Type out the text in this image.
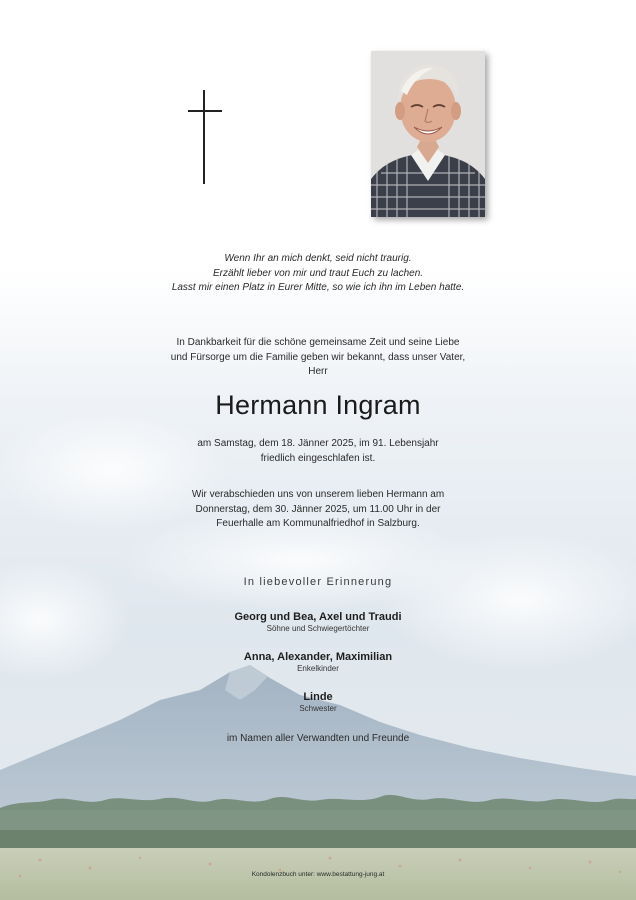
Wenn Ihr an mich denkt, seid nicht traurig.
Erzählt lieber von mir und traut Euch zu lachen.
Lasst mir einen Platz in Eurer Mitte, so wie ich ihn im Leben hatte.
In Dankbarkeit für die schöne gemeinsame Zeit und seine Liebe
und Fürsorge um die Familie geben wir bekannt, dass unser Vater,
Herr
Hermann Ingram
am Samstag, dem 18. Jänner 2025, im 91. Lebensjahr
friedlich eingeschlafen ist.
Wir verabschieden uns von unserem lieben Hermann am
Donnerstag, dem 30. Jänner 2025, um 11.00 Uhr in der
Feuerhalle am Kommunalfriedhof in Salzburg.
In liebevoller Erinnerung
Georg und Bea, Axel und Traudi
Söhne und Schwiegertöchter
Anna, Alexander, Maximilian
Enkelkinder
Linde
Schwester
im Namen aller Verwandten und Freunde
Kondolenzbuch unter: www.bestattung-jung.at
